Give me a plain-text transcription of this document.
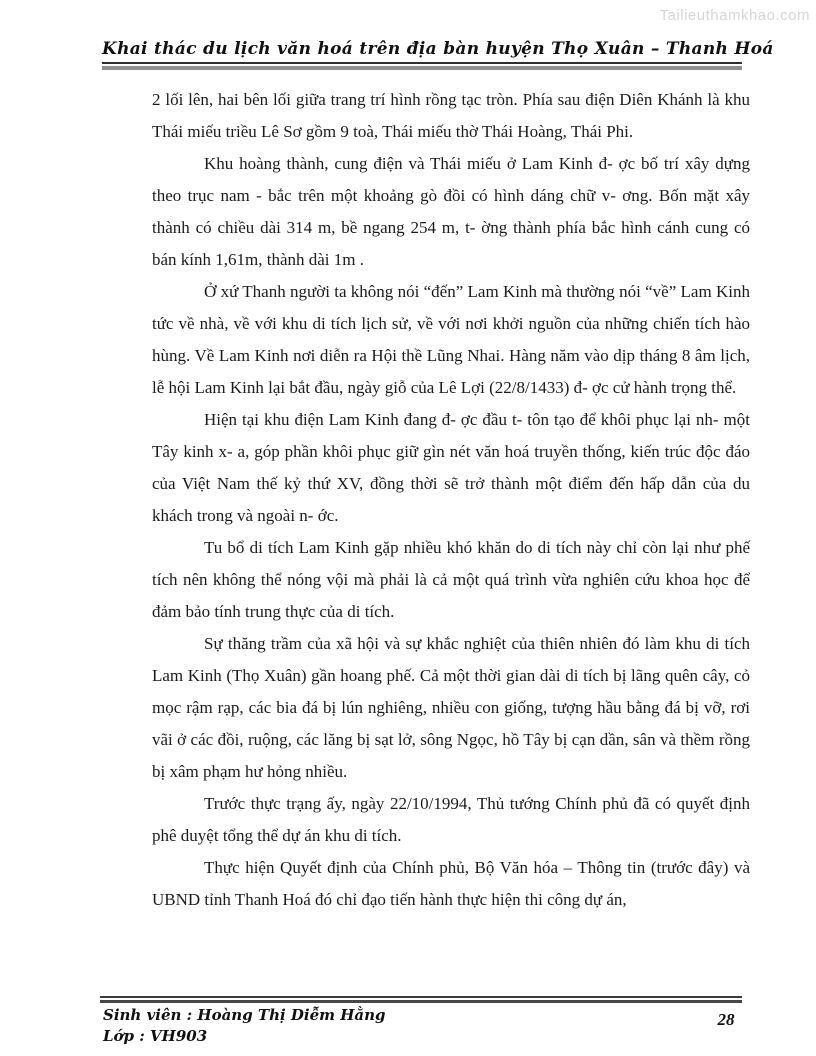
Tailieuthamkhao.com
Khai thác du lịch văn hoá trên địa bàn huyện Thọ Xuân – Thanh Hoá

2 lối lên, hai bên lối giữa trang trí hình rồng tạc tròn. Phía sau điện Diên Khánh là khu Thái miếu triều Lê Sơ gồm 9 toà, Thái miếu thờ Thái Hoàng, Thái Phi.

Khu hoàng thành, cung điện và Thái miếu ở Lam Kinh đ- ợc bố trí xây dựng theo trục nam - bắc trên một khoảng gò đồi có hình dáng chữ v- ơng. Bốn mặt xây thành có chiều dài 314 m, bề ngang 254 m, t- ờng thành phía bắc hình cánh cung có bán kính 1,61m, thành dài 1m .

Ở xứ Thanh người ta không nói “đến” Lam Kinh mà thường nói “về” Lam Kinh tức về nhà, về với khu di tích lịch sử, về với nơi khởi nguồn của những chiến tích hào hùng. Về Lam Kinh nơi diễn ra Hội thề Lũng Nhai. Hàng năm vào dịp tháng 8 âm lịch, lễ hội Lam Kinh lại bắt đầu, ngày giỗ của Lê Lợi (22/8/1433) đ- ợc cử hành trọng thể.

Hiện tại khu điện Lam Kinh đang đ- ợc đầu t- tôn tạo để khôi phục lại nh- một Tây kinh x- a, góp phần khôi phục giữ gìn nét văn hoá truyền thống, kiến trúc độc đáo của Việt Nam thế kỷ thứ XV, đồng thời sẽ trở thành một điểm đến hấp dẫn của du khách trong và ngoài n- ớc.

Tu bổ di tích Lam Kinh gặp nhiều khó khăn do di tích này chỉ còn lại như phế tích nên không thể nóng vội mà phải là cả một quá trình vừa nghiên cứu khoa học để đảm bảo tính trung thực của di tích.

Sự thăng trầm của xã hội và sự khắc nghiệt của thiên nhiên đó làm khu di tích Lam Kinh (Thọ Xuân) gần hoang phế. Cả một thời gian dài di tích bị lãng quên cây, cỏ mọc rậm rạp, các bia đá bị lún nghiêng, nhiều con giống, tượng hầu bằng đá bị vỡ, rơi vãi ở các đồi, ruộng, các lăng bị sạt lở, sông Ngọc, hồ Tây bị cạn dần, sân và thềm rồng bị xâm phạm hư hỏng nhiều.

Trước thực trạng ấy, ngày 22/10/1994, Thủ tướng Chính phủ đã có quyết định phê duyệt tổng thể dự án khu di tích.

Thực hiện Quyết định của Chính phủ, Bộ Văn hóa – Thông tin (trước đây) và UBND tỉnh Thanh Hoá đó chỉ đạo tiến hành thực hiện thi công dự án,

Sinh viên : Hoàng Thị Diễm Hằng
Lớp : VH903
28
